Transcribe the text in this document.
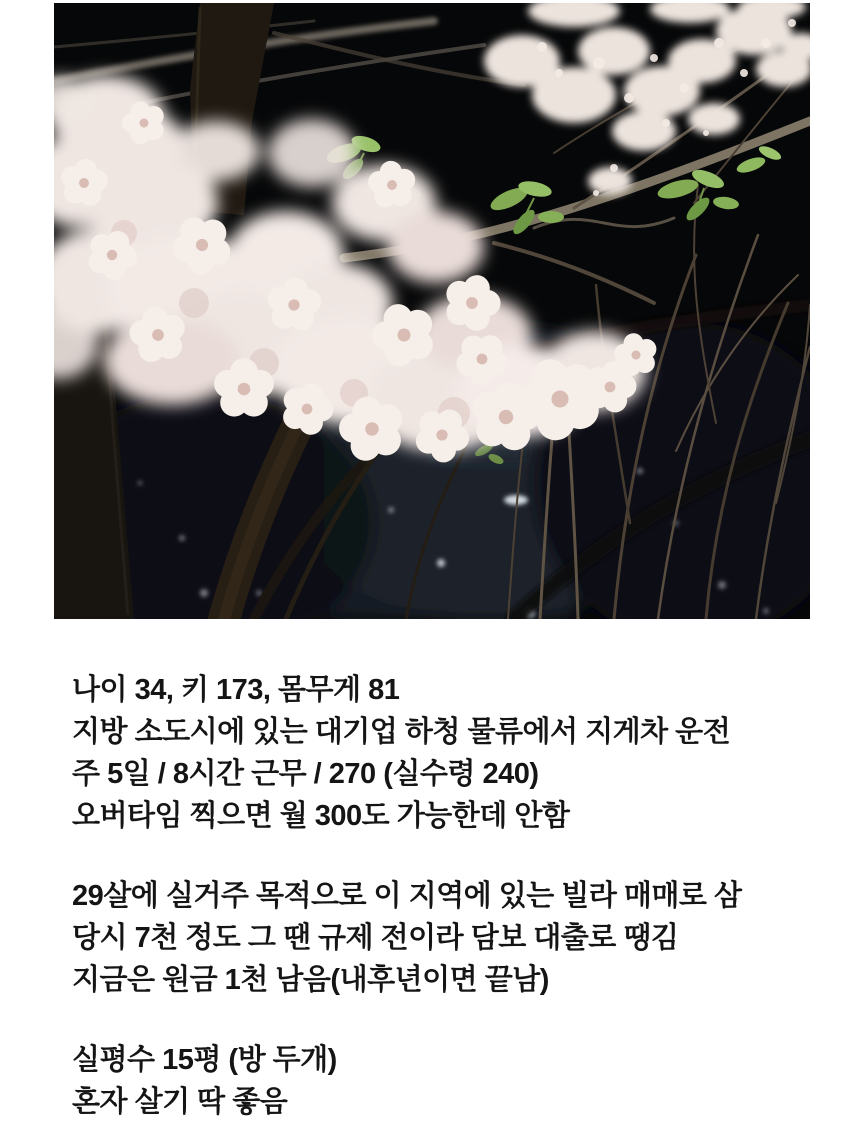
나이 34, 키 173, 몸무게 81
지방 소도시에 있는 대기업 하청 물류에서 지게차 운전
주 5일 / 8시간 근무 / 270 (실수령 240)
오버타임 찍으면 월 300도 가능한데 안함

29살에 실거주 목적으로 이 지역에 있는 빌라 매매로 삼
당시 7천 정도 그 땐 규제 전이라 담보 대출로 땡김
지금은 원금 1천 남음(내후년이면 끝남)

실평수 15평 (방 두개)
혼자 살기 딱 좋음
